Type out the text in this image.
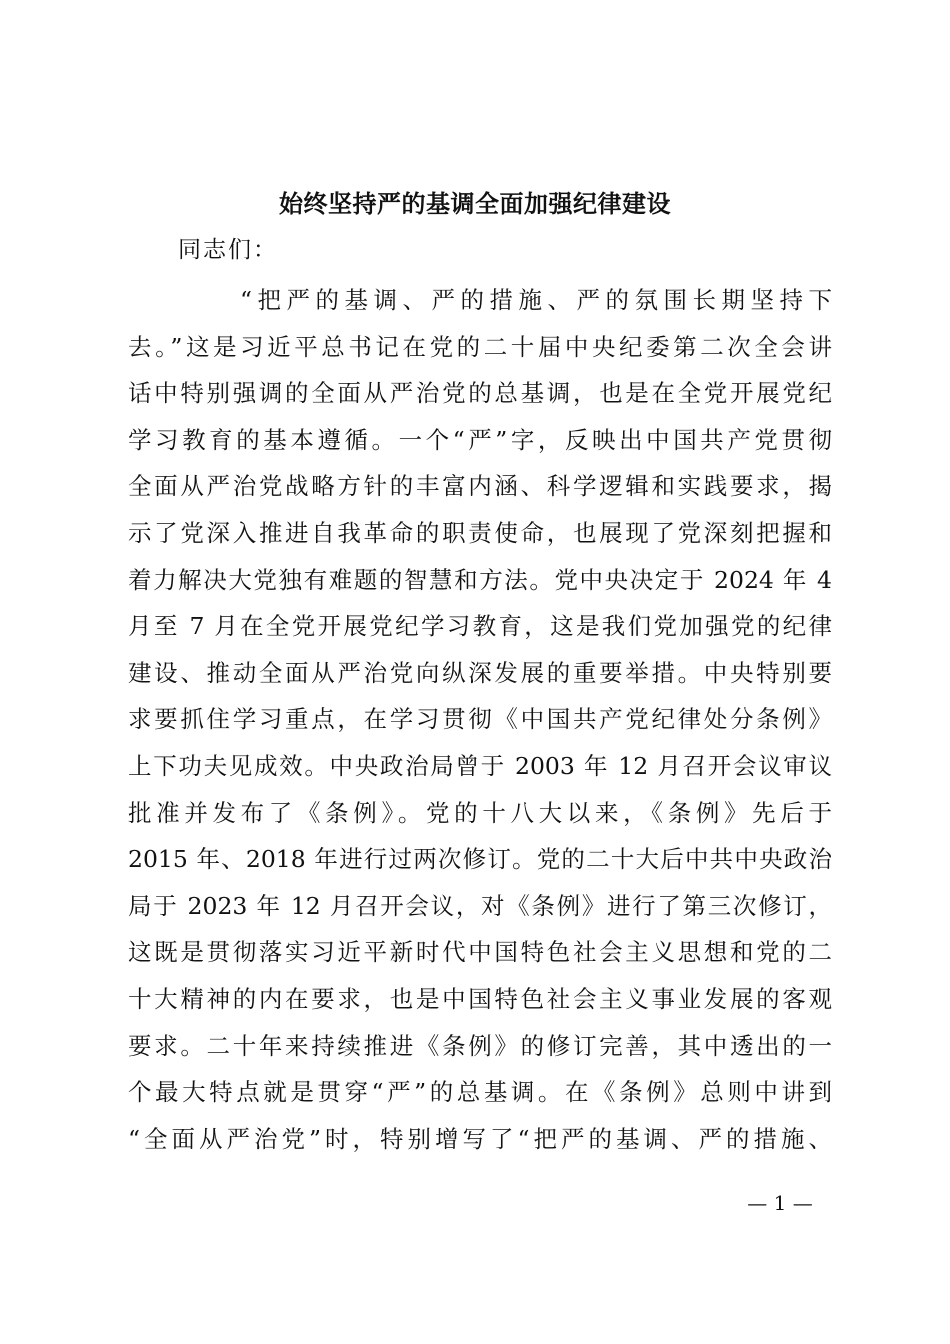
始终坚持严的基调全面加强纪律建设

同志们：

“把严的基调、严的措施、严的氛围长期坚持下
去。”这是习近平总书记在党的二十届中央纪委第二次全会讲
话中特别强调的全面从严治党的总基调，也是在全党开展党纪
学习教育的基本遵循。一个“严”字，反映出中国共产党贯彻
全面从严治党战略方针的丰富内涵、科学逻辑和实践要求，揭
示了党深入推进自我革命的职责使命，也展现了党深刻把握和
着力解决大党独有难题的智慧和方法。党中央决定于 2024 年 4
月至 7 月在全党开展党纪学习教育，这是我们党加强党的纪律
建设、推动全面从严治党向纵深发展的重要举措。中央特别要
求要抓住学习重点，在学习贯彻《中国共产党纪律处分条例》
上下功夫见成效。中央政治局曾于 2003 年 12 月召开会议审议
批准并发布了《条例》。党的十八大以来，《条例》先后于
2015 年、2018 年进行过两次修订。党的二十大后中共中央政治
局于 2023 年 12 月召开会议，对《条例》进行了第三次修订，
这既是贯彻落实习近平新时代中国特色社会主义思想和党的二
十大精神的内在要求，也是中国特色社会主义事业发展的客观
要求。二十年来持续推进《条例》的修订完善，其中透出的一
个最大特点就是贯穿“严”的总基调。在《条例》总则中讲到
“全面从严治党”时，特别增写了“把严的基调、严的措施、
— 1 —
